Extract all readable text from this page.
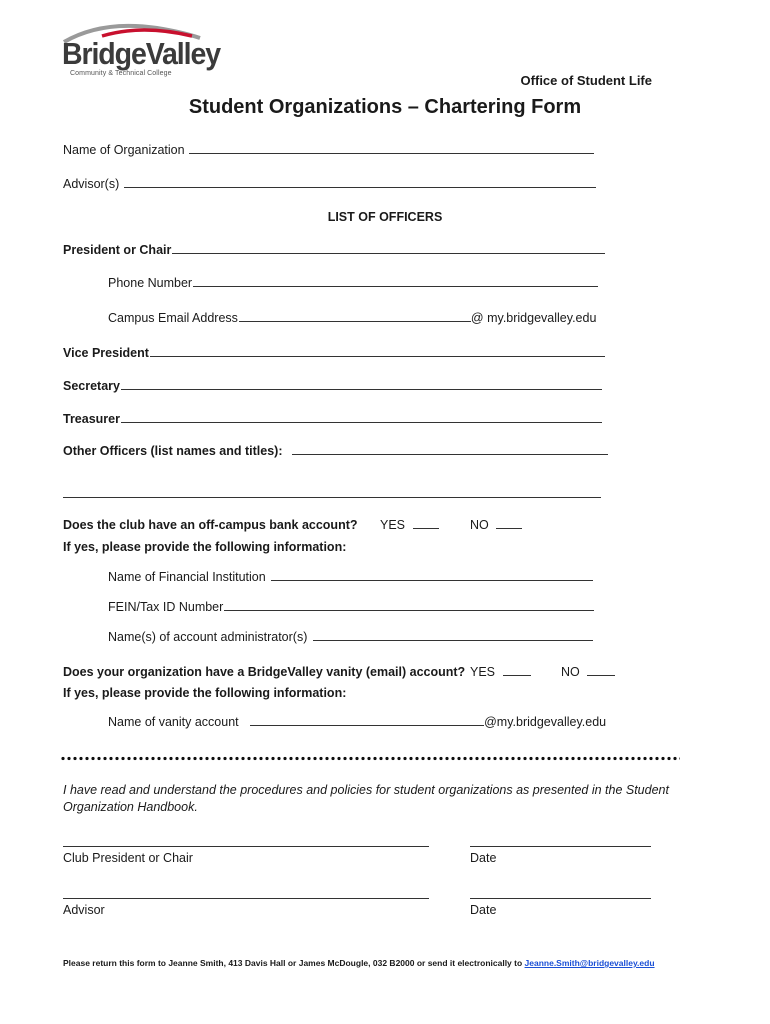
BridgeValley
Community & Technical College	Office of Student Life
Student Organizations – Chartering Form
Name of Organization
Advisor(s)
LIST OF OFFICERS
President or Chair
Phone Number
Campus Email Address	@ my.bridgevalley.edu
Vice President
Secretary
Treasurer
Other Officers (list names and titles):
Does the club have an off-campus bank account? YES	NO
If yes, please provide the following information:
Name of Financial Institution
FEIN/Tax ID Number
Name(s) of account administrator(s)
Does your organization have a BridgeValley vanity (email) account? YES	NO
If yes, please provide the following information:
Name of vanity account	@my.bridgevalley.edu
I have read and understand the procedures and policies for student organizations as presented in the Student Organization Handbook.
Club President or Chair	Date
Advisor	Date
Please return this form to Jeanne Smith, 413 Davis Hall or James McDougle, 032 B2000 or send it electronically to Jeanne.Smith@bridgevalley.edu
